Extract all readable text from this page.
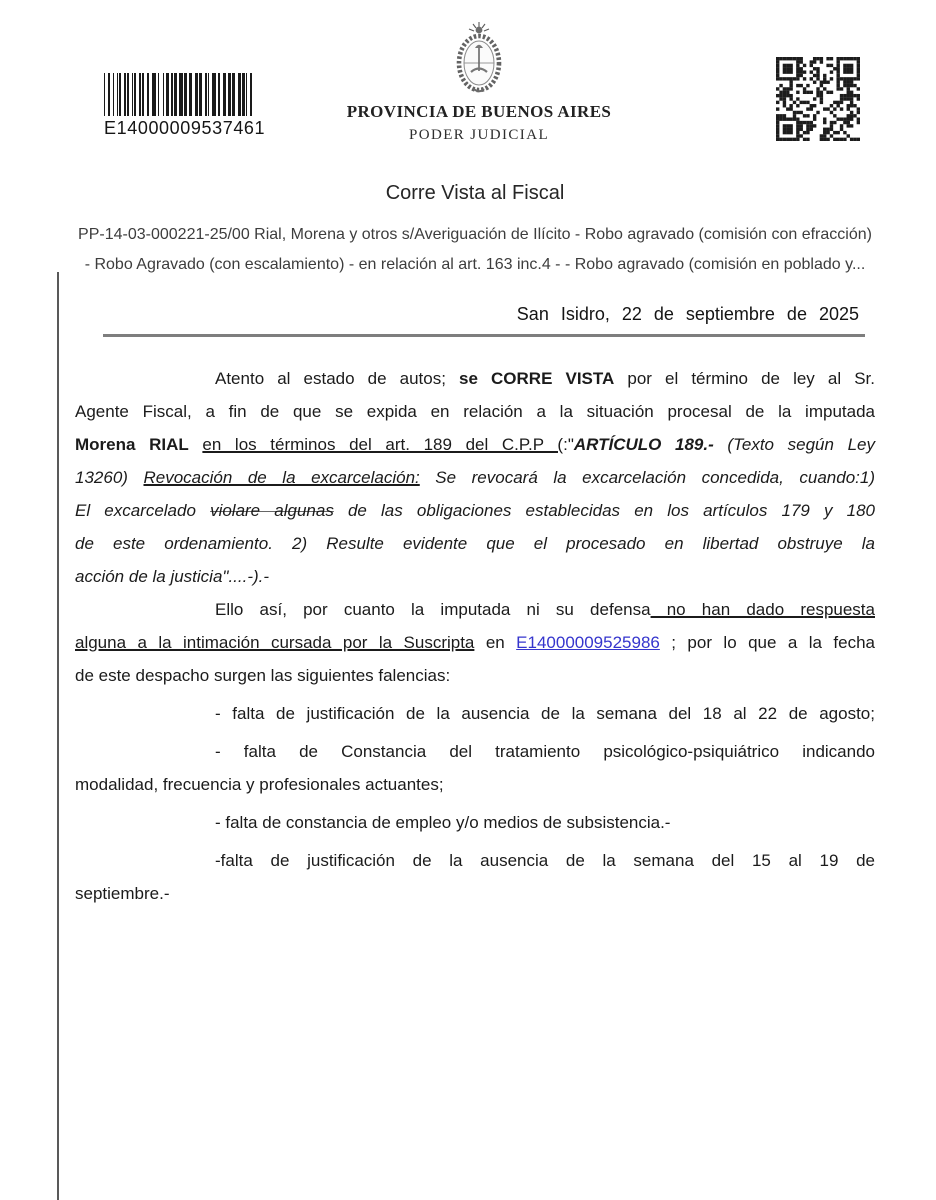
E14000009537461
PROVINCIA DE BUENOS AIRES
PODER JUDICIAL
Corre Vista al Fiscal
PP-14-03-000221-25/00 Rial, Morena y otros s/Averiguación de Ilícito - Robo agravado (comisión con efracción)
- Robo Agravado (con escalamiento) - en relación al art. 163 inc.4 - - Robo agravado (comisión en poblado y...
San Isidro, 22 de septiembre de 2025

Atento al estado de autos; se CORRE VISTA por el término de ley al Sr.
Agente Fiscal, a fin de que se expida en relación a la situación procesal de la imputada
Morena RIAL en los términos del art. 189 del C.P.P (:"ARTÍCULO 189.- (Texto según Ley
13260) Revocación de la excarcelación: Se revocará la excarcelación concedida, cuando:1)
El excarcelado violare algunas de las obligaciones establecidas en los artículos 179 y 180
de este ordenamiento. 2) Resulte evidente que el procesado en libertad obstruye la
acción de la justicia"....-).-

Ello así, por cuanto la imputada ni su defensa no han dado respuesta
alguna a la intimación cursada por la Suscripta en E14000009525986 ; por lo que a la fecha
de este despacho surgen las siguientes falencias:

- falta de justificación de la ausencia de la semana del 18 al 22 de agosto;

- falta de Constancia del tratamiento psicológico-psiquiátrico indicando
modalidad, frecuencia y profesionales actuantes;

- falta de constancia de empleo y/o medios de subsistencia.-

-falta de justificación de la ausencia de la semana del 15 al 19 de
septiembre.-
